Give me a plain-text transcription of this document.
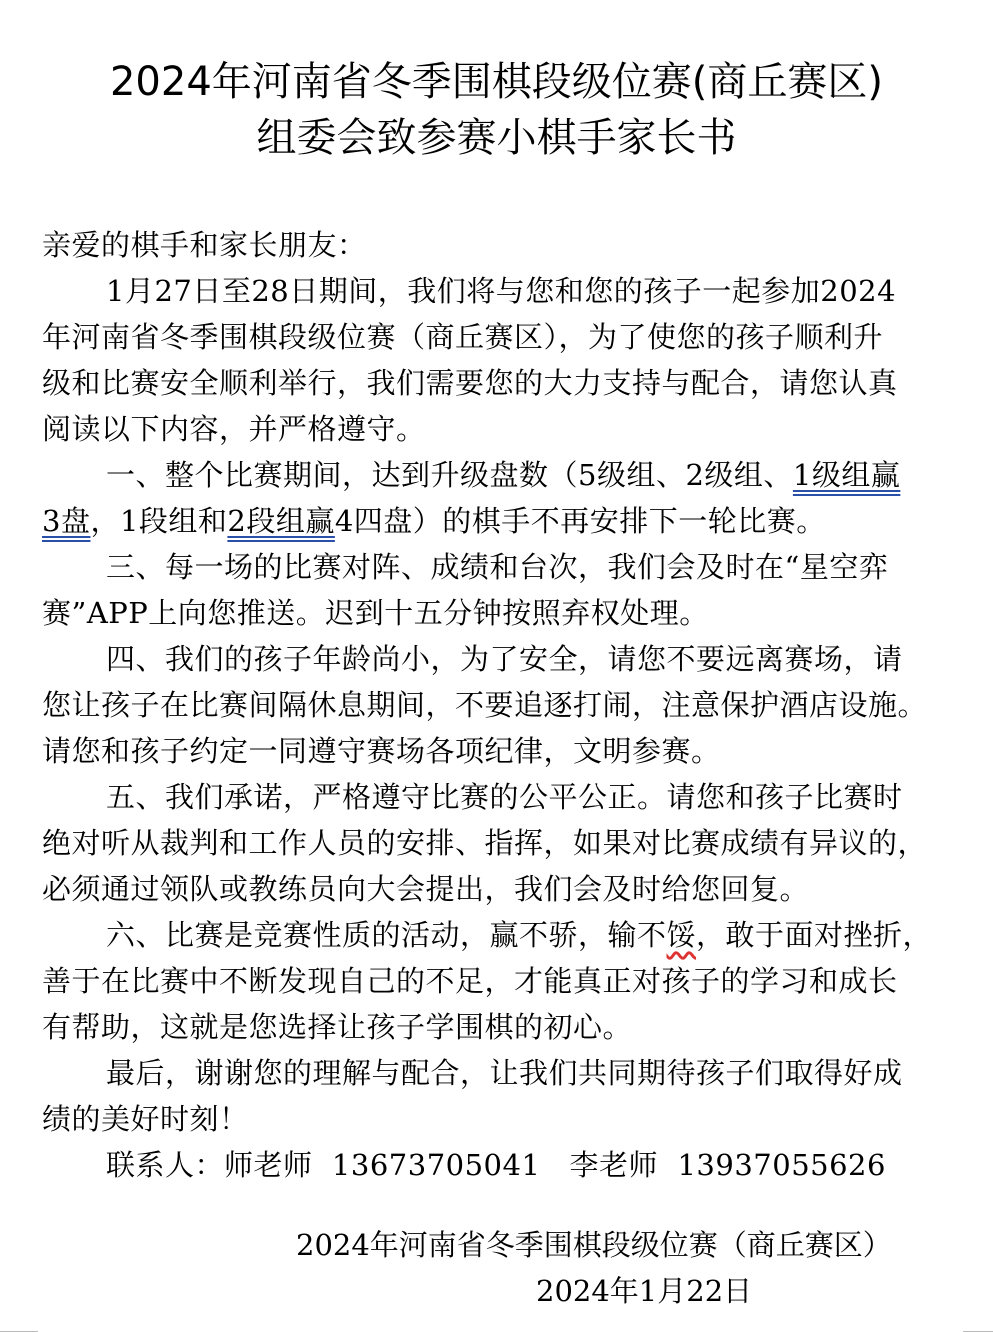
2024年河南省冬季围棋段级位赛(商丘赛区)
组委会致参赛小棋手家长书
亲爱的棋手和家长朋友：
1月27日至28日期间，我们将与您和您的孩子一起参加2024
年河南省冬季围棋段级位赛（商丘赛区），为了使您的孩子顺利升
级和比赛安全顺利举行，我们需要您的大力支持与配合，请您认真
阅读以下内容，并严格遵守。
一、整个比赛期间，达到升级盘数（5级组、2级组、1级组赢
3盘，1段组和2段组赢4四盘）的棋手不再安排下一轮比赛。
三、每一场的比赛对阵、成绩和台次，我们会及时在“星空弈
赛”APP上向您推送。迟到十五分钟按照弃权处理。
四、我们的孩子年龄尚小，为了安全，请您不要远离赛场，请
您让孩子在比赛间隔休息期间，不要追逐打闹，注意保护酒店设施。
请您和孩子约定一同遵守赛场各项纪律，文明参赛。
五、我们承诺，严格遵守比赛的公平公正。请您和孩子比赛时
绝对听从裁判和工作人员的安排、指挥，如果对比赛成绩有异议的，
必须通过领队或教练员向大会提出，我们会及时给您回复。
六、比赛是竞赛性质的活动，赢不骄，输不馁，敢于面对挫折，
善于在比赛中不断发现自己的不足，才能真正对孩子的学习和成长
有帮助，这就是您选择让孩子学围棋的初心。
最后，谢谢您的理解与配合，让我们共同期待孩子们取得好成
绩的美好时刻！
联系人：师老师  13673705041   李老师  13937055626
2024年河南省冬季围棋段级位赛（商丘赛区）
2024年1月22日
